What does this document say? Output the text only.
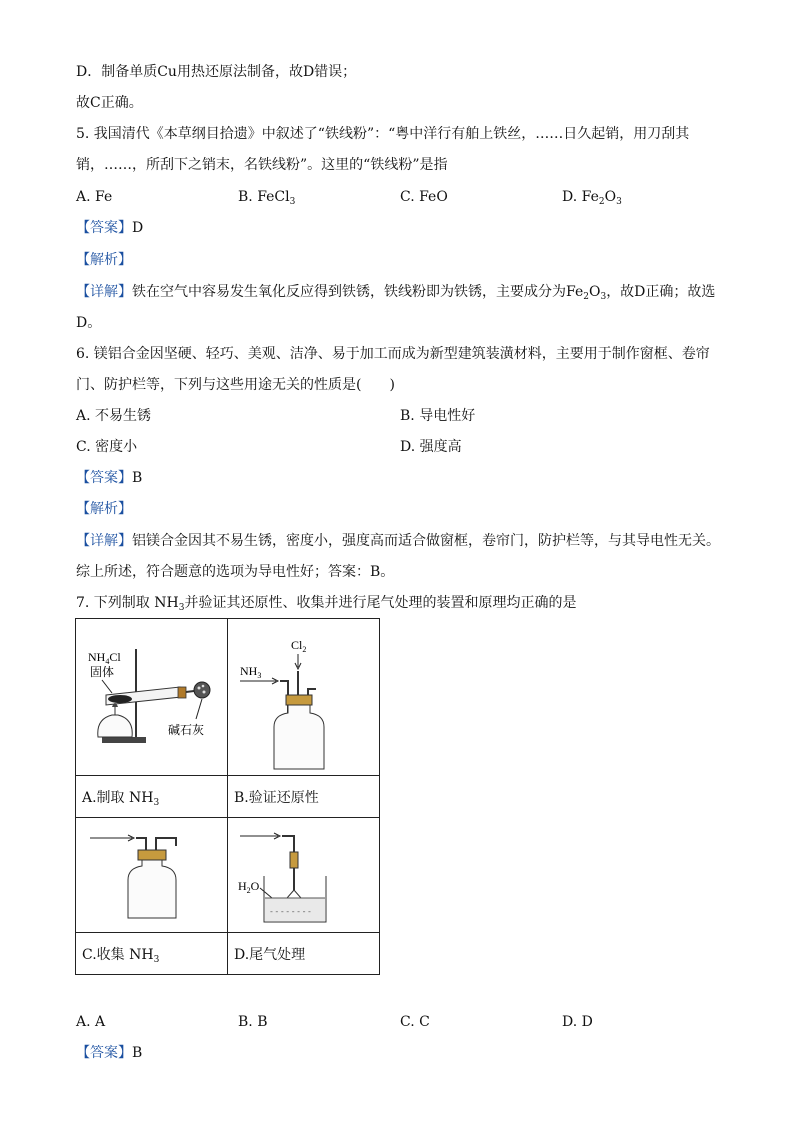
D．制备单质Cu用热还原法制备，故D错误；
故C正确。
5. 我国清代《本草纲目拾遗》中叙述了“铁线粉”：“粤中洋行有舶上铁丝，……日久起销，用刀刮其
销，……，所刮下之销末，名铁线粉”。这里的“铁线粉”是指
A. Fe	B. FeCl$_3$	C. FeO	D. $Fe_2O_3$
【答案】D
【解析】
【详解】铁在空气中容易发生氧化反应得到铁锈，铁线粉即为铁锈，主要成分为$Fe_2O_3$，故D正确；故选
D。
6. 镁铝合金因坚硬、轻巧、美观、洁净、易于加工而成为新型建筑装潢材料，主要用于制作窗框、卷帘
门、防护栏等，下列与这些用途无关的性质是(　　)
A. 不易生锈	B. 导电性好
C. 密度小	D. 强度高
【答案】B
【解析】
【详解】铝镁合金因其不易生锈，密度小，强度高而适合做窗框，卷帘门，防护栏等，与其导电性无关。
综上所述，符合题意的选项为导电性好；答案：B。
7. 下列制取 $NH_3$并验证其还原性、收集并进行尾气处理的装置和原理均正确的是
$NH_4Cl$
固体
碱石灰	$Cl_2$
$NH_3$

A.制取 $NH_3$	B.验证还原性

$H_2O$
- - - - - - - -

C.收集 $NH_3$	D.尾气处理
A. A	B. B	C. C	D. D
【答案】B
